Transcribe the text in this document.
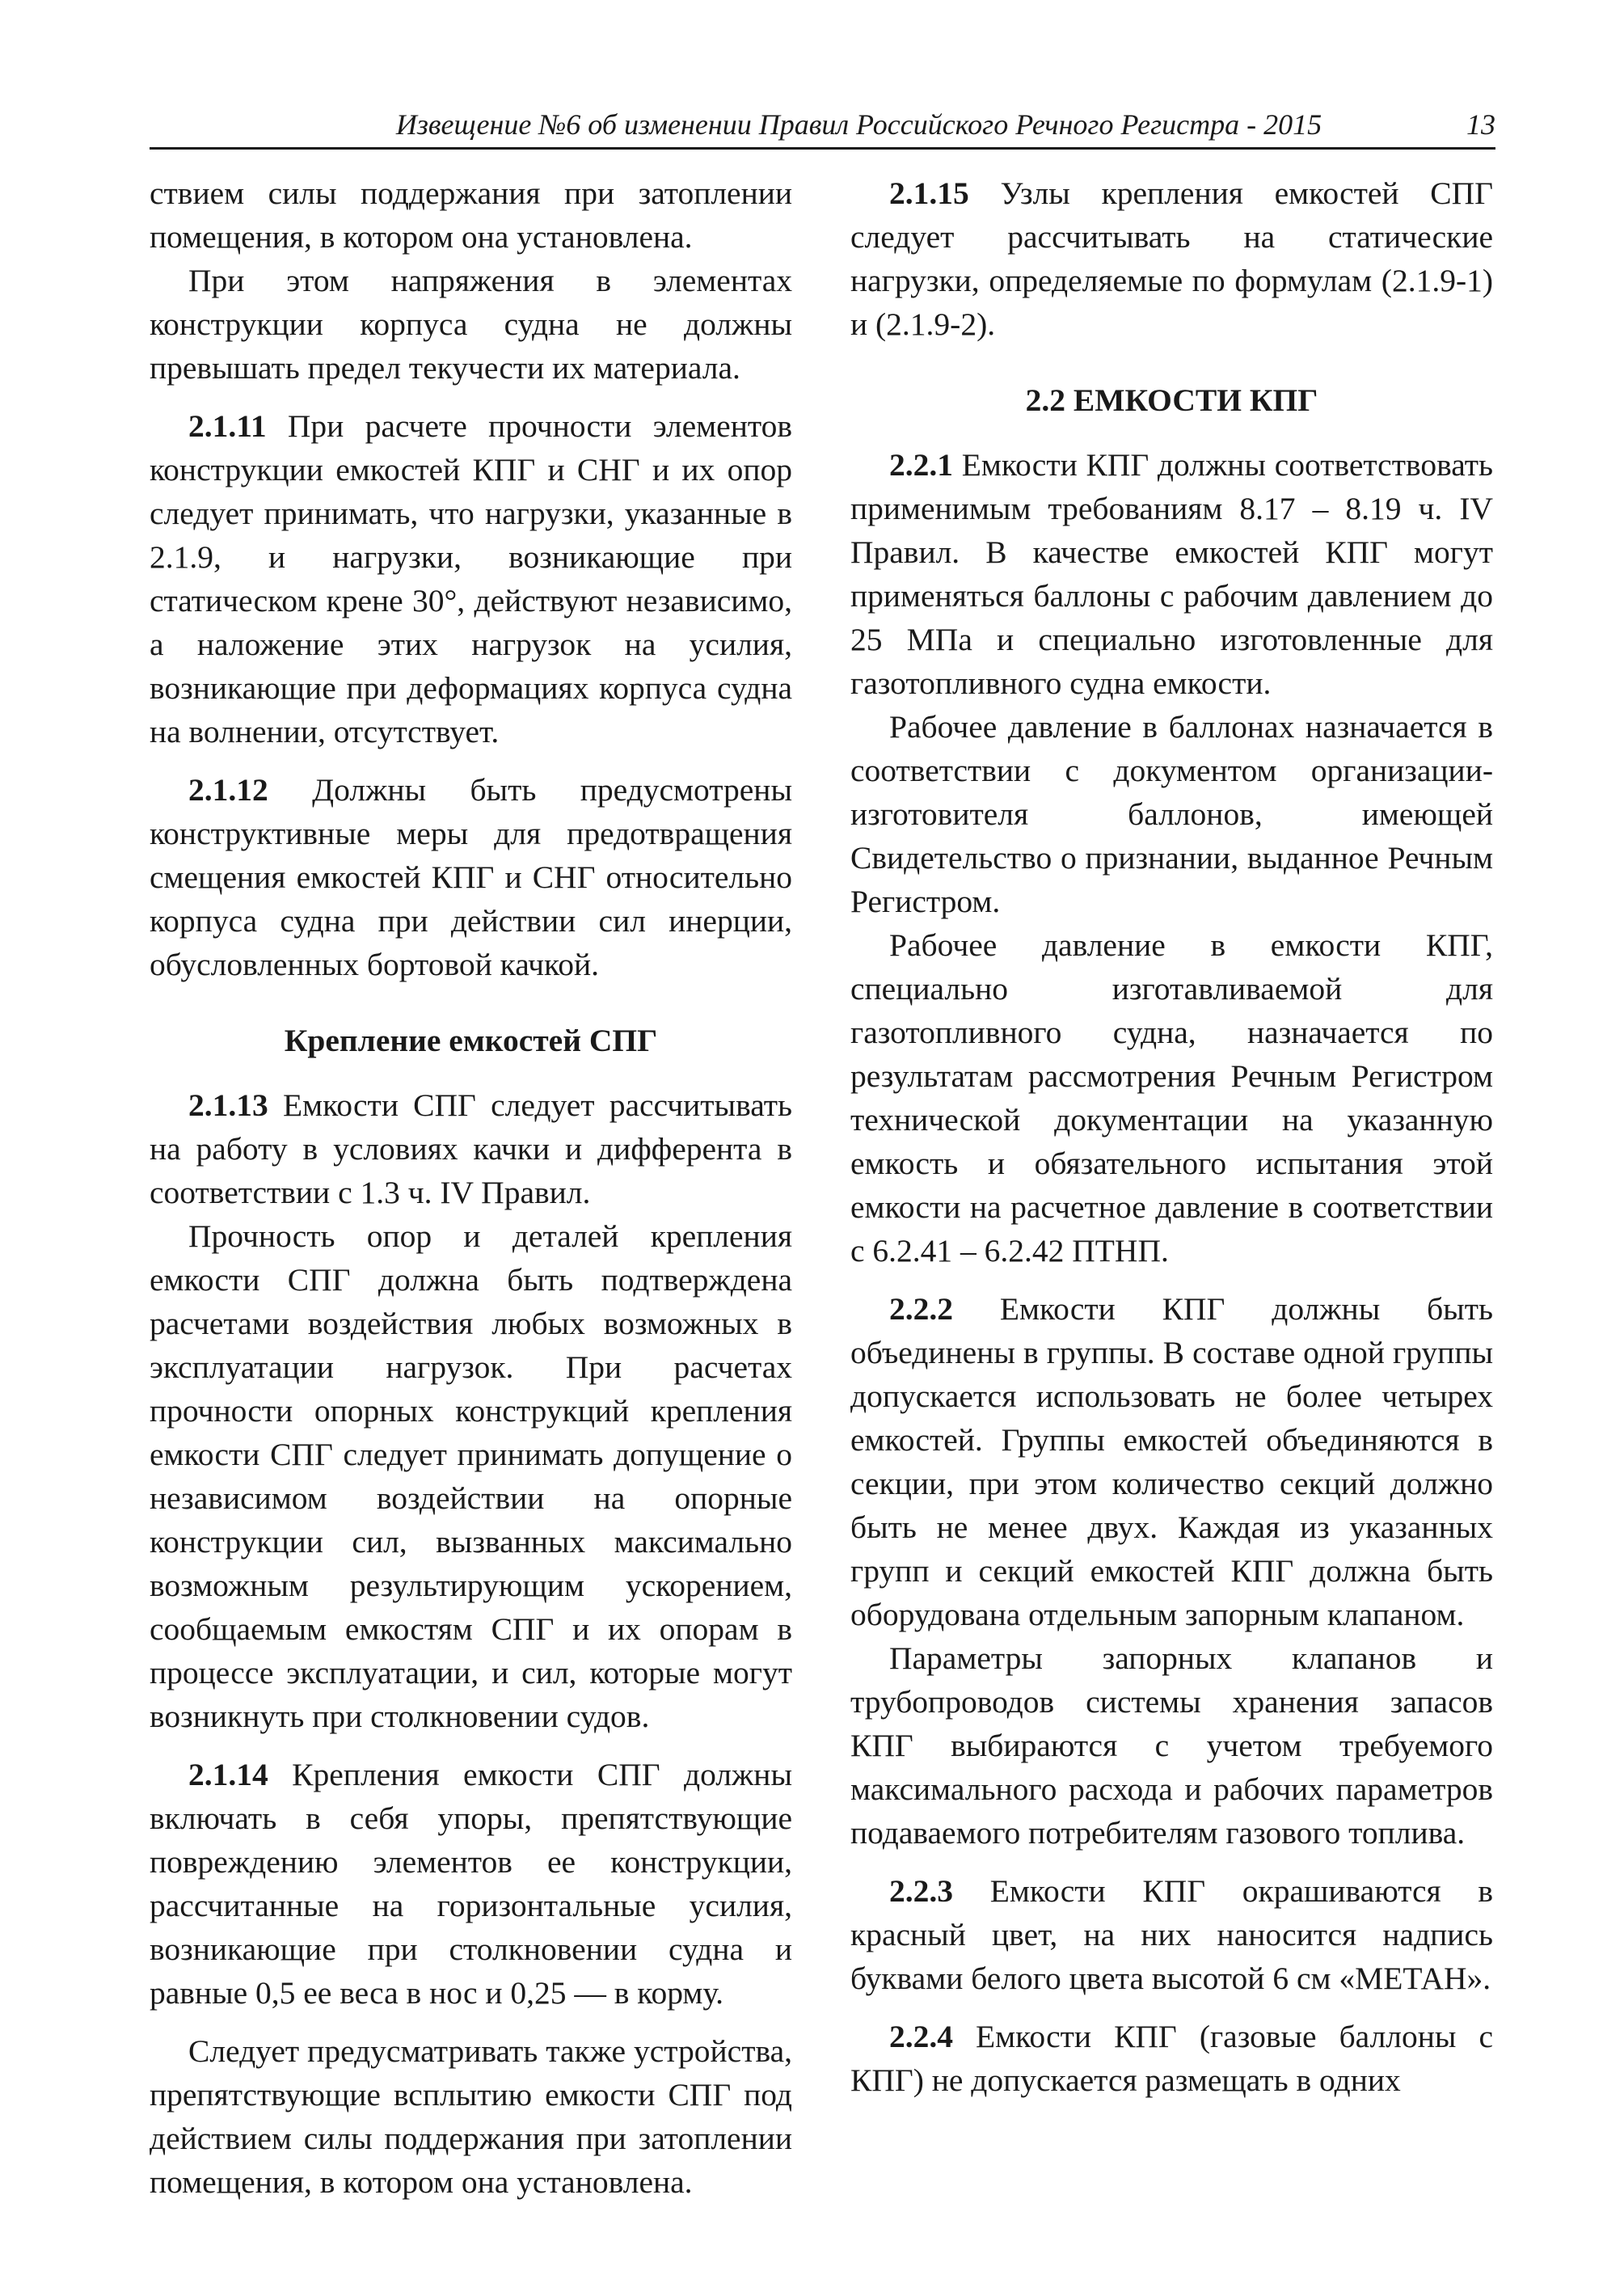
Извещение №6 об изменении Правил Российского Речного Регистра - 2015	13

ствием силы поддержания при затоплении помещения, в котором она установлена.

При этом напряжения в элементах конструкции корпуса судна не должны превышать предел текучести их материала.

2.1.11 При расчете прочности элементов конструкции емкостей КПГ и СНГ и их опор следует принимать, что нагрузки, указанные в 2.1.9, и нагрузки, возникающие при статическом крене 30°, действуют независимо, а наложение этих нагрузок на усилия, возникающие при деформациях корпуса судна на волнении, отсутствует.

2.1.12 Должны быть предусмотрены конструктивные меры для предотвращения смещения емкостей КПГ и СНГ относительно корпуса судна при действии сил инерции, обусловленных бортовой качкой.

Крепление емкостей СПГ

2.1.13 Емкости СПГ следует рассчитывать на работу в условиях качки и дифферента в соответствии с 1.3 ч. IV Правил.

Прочность опор и деталей крепления емкости СПГ должна быть подтверждена расчетами воздействия любых возможных в эксплуатации нагрузок. При расчетах прочности опорных конструкций крепления емкости СПГ следует принимать допущение о независимом воздействии на опорные конструкции сил, вызванных максимально возможным результирующим ускорением, сообщаемым емкостям СПГ и их опорам в процессе эксплуатации, и сил, которые могут возникнуть при столкновении судов.

2.1.14 Крепления емкости СПГ должны включать в себя упоры, препятствующие повреждению элементов ее конструкции, рассчитанные на горизонтальные усилия, возникающие при столкновении судна и равные 0,5 ее веса в нос и 0,25 — в корму.

Следует предусматривать также устройства, препятствующие всплытию емкости СПГ под действием силы поддержания при затоплении помещения, в котором она установлена.

2.1.15 Узлы крепления емкостей СПГ следует рассчитывать на статические нагрузки, определяемые по формулам (2.1.9-1) и (2.1.9-2).

2.2 ЕМКОСТИ КПГ

2.2.1 Емкости КПГ должны соответствовать применимым требованиям 8.17 – 8.19 ч. IV Правил. В качестве емкостей КПГ могут применяться баллоны с рабочим давлением до 25 МПа и специально изготовленные для газотопливного судна емкости.

Рабочее давление в баллонах назначается в соответствии с документом организации-изготовителя баллонов, имеющей Свидетельство о признании, выданное Речным Регистром.

Рабочее давление в емкости КПГ, специально изготавливаемой для газотопливного судна, назначается по результатам рассмотрения Речным Регистром технической документации на указанную емкость и обязательного испытания этой емкости на расчетное давление в соответствии с 6.2.41 – 6.2.42 ПТНП.

2.2.2 Емкости КПГ должны быть объединены в группы. В составе одной группы допускается использовать не более четырех емкостей. Группы емкостей объединяются в секции, при этом количество секций должно быть не менее двух. Каждая из указанных групп и секций емкостей КПГ должна быть оборудована отдельным запорным клапаном.

Параметры запорных клапанов и трубопроводов системы хранения запасов КПГ выбираются с учетом требуемого максимального расхода и рабочих параметров подаваемого потребителям газового топлива.

2.2.3 Емкости КПГ окрашиваются в красный цвет, на них наносится надпись буквами белого цвета высотой 6 см «МЕТАН».

2.2.4 Емкости КПГ (газовые баллоны с КПГ) не допускается размещать в одних
